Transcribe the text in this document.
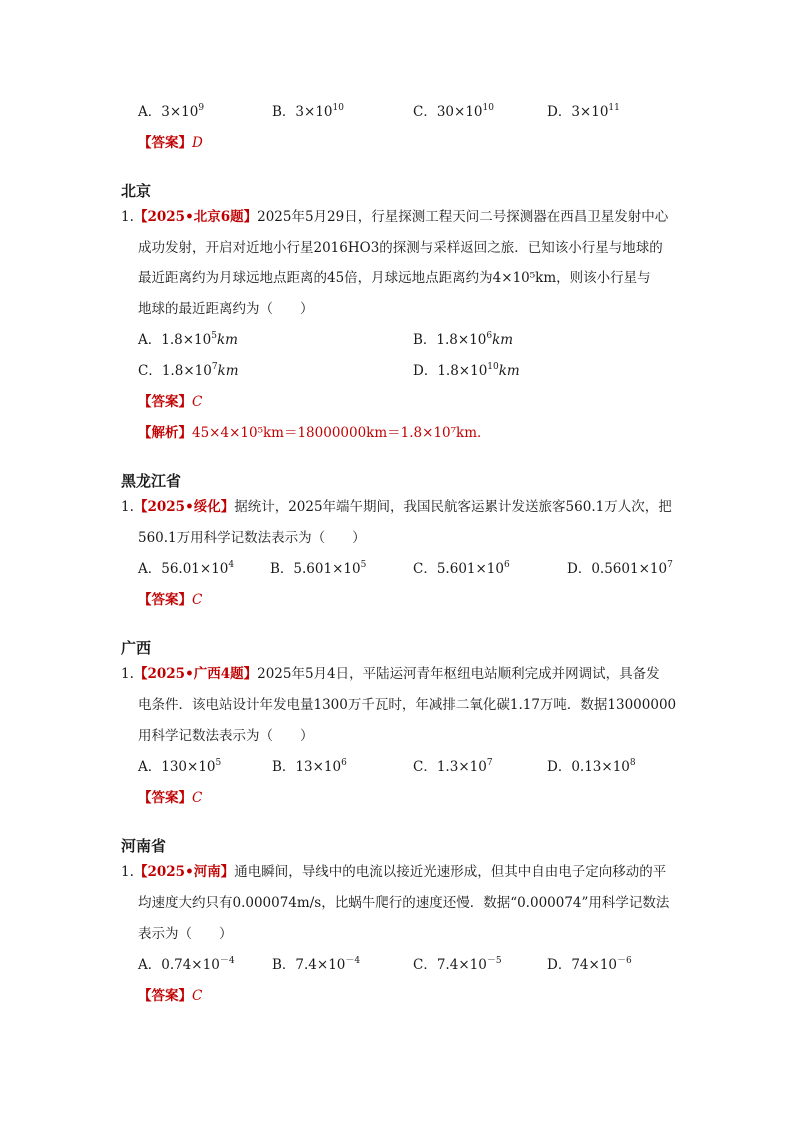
A．$3\times 10^9$	B．$3\times 10^{10}$	C．$30\times 10^{10}$	D．$3\times 10^{11}$
【答案】D
北京
1. 【2025•北京6题】2025年5月29日，行星探测工程天问二号探测器在西昌卫星发射中心
成功发射，开启对近地小行星2016HO3的探测与采样返回之旅．已知该小行星与地球的
最近距离约为月球远地点距离的45倍，月球远地点距离约为4×10⁵km，则该小行星与
地球的最近距离约为（　　）
A．$1.8\times 10^5km$	B．$1.8\times 10^6km$
C．$1.8\times 10^7km$	D．$1.8\times 10^{10}km$
【答案】C
【解析】45×4×10⁵km＝18000000km＝1.8×10⁷km．
黑龙江省
1. 【2025•绥化】据统计，2025年端午期间，我国民航客运累计发送旅客560.1万人次，把
560.1万用科学记数法表示为（　　）
A．$56.01\times 10^4$	B．$5.601\times 10^5$	C．$5.601\times 10^6$	D．$0.5601\times 10^7$
【答案】C
广西
1. 【2025•广西4题】2025年5月4日，平陆运河青年枢纽电站顺利完成并网调试，具备发
电条件．该电站设计年发电量1300万千瓦时，年减排二氧化碳1.17万吨．数据13000000
用科学记数法表示为（　　）
A．$130\times 10^5$	B．$13\times 10^6$	C．$1.3\times 10^7$	D．$0.13\times 10^8$
【答案】C
河南省
1. 【2025•河南】通电瞬间，导线中的电流以接近光速形成，但其中自由电子定向移动的平
均速度大约只有0.000074m/s，比蜗牛爬行的速度还慢．数据“0.000074”用科学记数法
表示为（　　）
A．$0.74\times 10^{-4}$	B．$7.4\times 10^{-4}$	C．$7.4\times 10^{-5}$	D．$74\times 10^{-6}$
【答案】C
